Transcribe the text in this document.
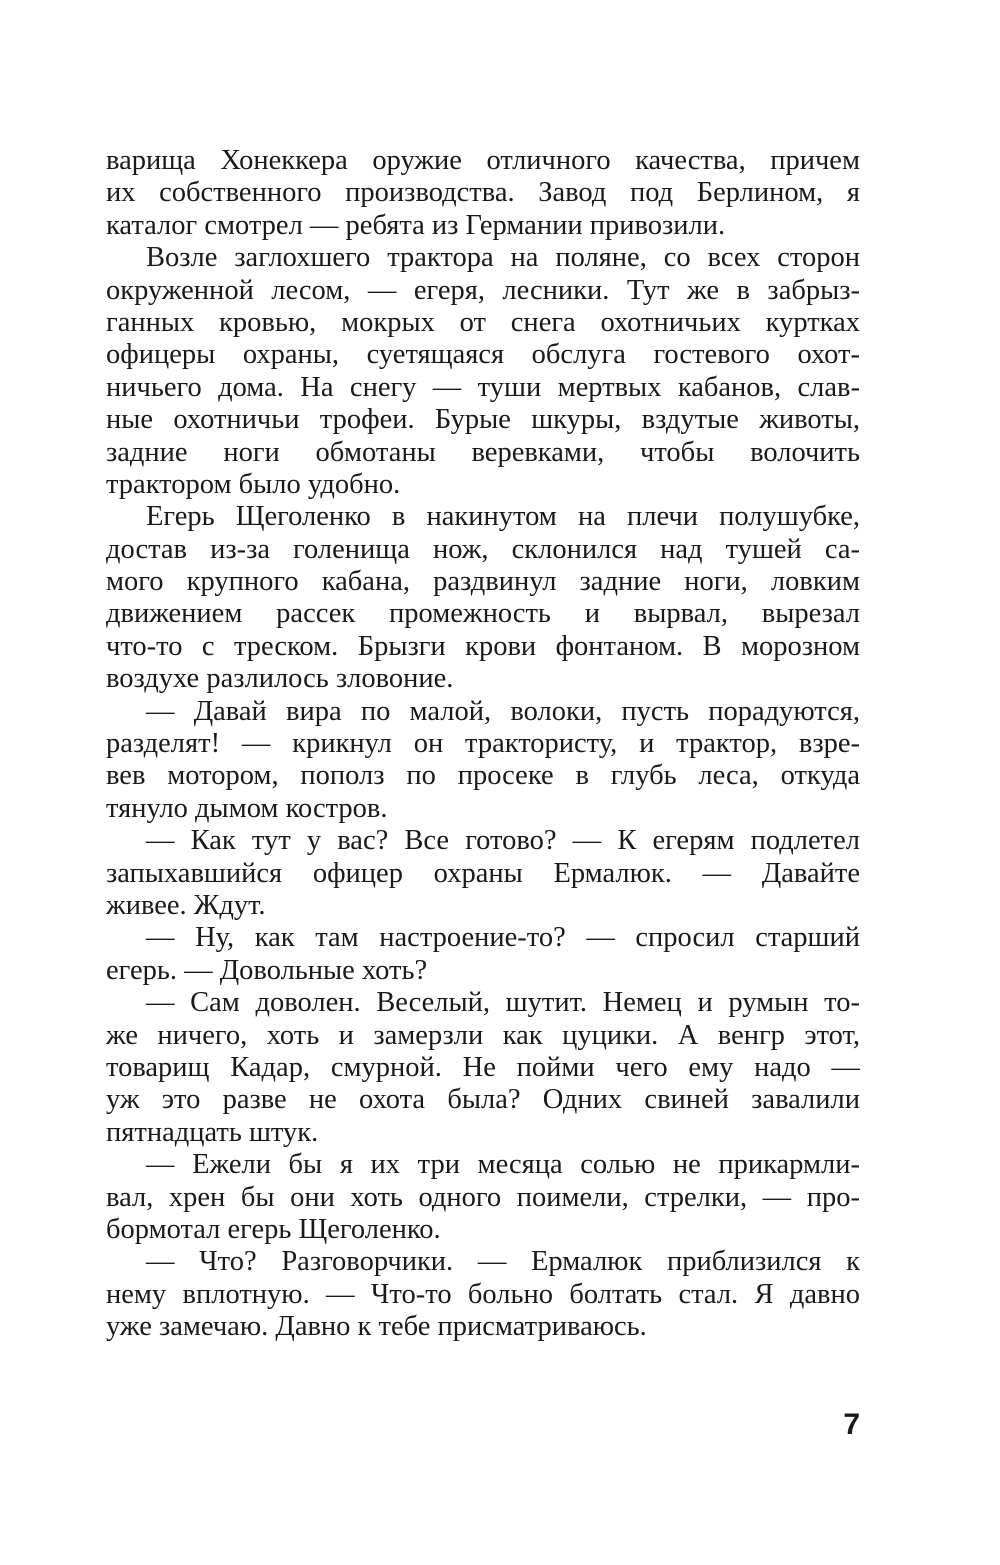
варища Хонеккера оружие отличного качества, причем
их собственного производства. Завод под Берлином, я
каталог смотрел — ребята из Германии привозили.
Возле заглохшего трактора на поляне, со всех сторон
окруженной лесом, — егеря, лесники. Тут же в забрыз-
ганных кровью, мокрых от снега охотничьих куртках
офицеры охраны, суетящаяся обслуга гостевого охот-
ничьего дома. На снегу — туши мертвых кабанов, слав-
ные охотничьи трофеи. Бурые шкуры, вздутые животы,
задние ноги обмотаны веревками, чтобы волочить
трактором было удобно.
Егерь Щеголенко в накинутом на плечи полушубке,
достав из-за голенища нож, склонился над тушей са-
мого крупного кабана, раздвинул задние ноги, ловким
движением рассек промежность и вырвал, вырезал
что-то с треском. Брызги крови фонтаном. В морозном
воздухе разлилось зловоние.
— Давай вира по малой, волоки, пусть порадуются,
разделят! — крикнул он трактористу, и трактор, взре-
вев мотором, пополз по просеке в глубь леса, откуда
тянуло дымом костров.
— Как тут у вас? Все готово? — К егерям подлетел
запыхавшийся офицер охраны Ермалюк. — Давайте
живее. Ждут.
— Ну, как там настроение-то? — спросил старший
егерь. — Довольные хоть?
— Сам доволен. Веселый, шутит. Немец и румын то-
же ничего, хоть и замерзли как цуцики. А венгр этот,
товарищ Кадар, смурной. Не пойми чего ему надо —
уж это разве не охота была? Одних свиней завалили
пятнадцать штук.
— Ежели бы я их три месяца солью не прикармли-
вал, хрен бы они хоть одного поимели, стрелки, — про-
бормотал егерь Щеголенко.
— Что? Разговорчики. — Ермалюк приблизился к
нему вплотную. — Что-то больно болтать стал. Я давно
уже замечаю. Давно к тебе присматриваюсь.
7
